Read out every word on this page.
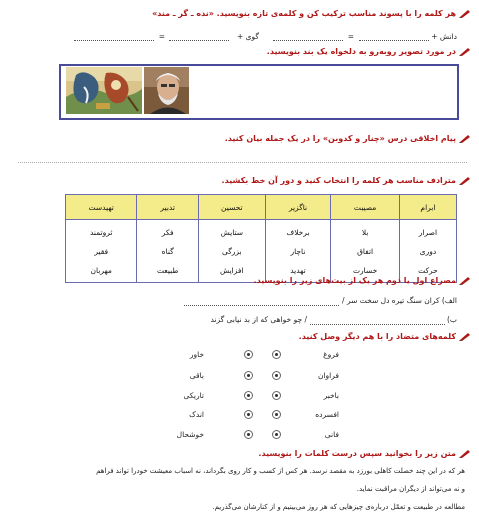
هر کلمه را با پسوند مناسب ترکیب کن و کلمه‌ی تازه بنویسید. «نده ـ گر ـ مند»
دانش +
=
گوی +
=
در مورد تصویر روبه‌رو به دلخواه یک بند بنویسید.
پیام اخلاقی درس «چنار و کدوبن» را در یک جمله بیان کنید.
مترادف مناسب هر کلمه را انتخاب کنید و دور آن خط بکشید.
ابرام	مصیبت	ناگزیر	تحسین	تدبیر	تهیدست
اصرار	بلا	برخلاف	ستایش	فکر	ثروتمند
دوری	اتفاق	ناچار	بزرگی	گناه	فقیر
حرکت	خسارت	تهدید	افزایش	طبیعت	مهربان
مصراع اول یا دوم هر یک از بیت‌های زیر را بنویسید.
الف) کران سنگ تیره دل سخت سر /
ب)
/ چو خواهی که از بد نیابی گزند
کلمه‌های متضاد را با هم دیگر وصل کنید.
فروغ
خاور
فراوان
باقی
باخبر
تاریکی
افسرده
اندک
فانی
خوشحال
متن زیر را بخوانید سپس درست کلمات را بنویسید.
هر که در این چند خصلت کاهلی بورزد به مقصد نرسد. هر کس از کسب و کار روی بگرداند، نه اسباب معیشت خودرا تواند فراهم
و نه می‌تواند از دیگران مراقبت نماید.
مطالعه در طبیعت و تعمّل درباره‌ی چیزهایی که هر روز می‌بینیم و از کنارشان می‌گذریم.
